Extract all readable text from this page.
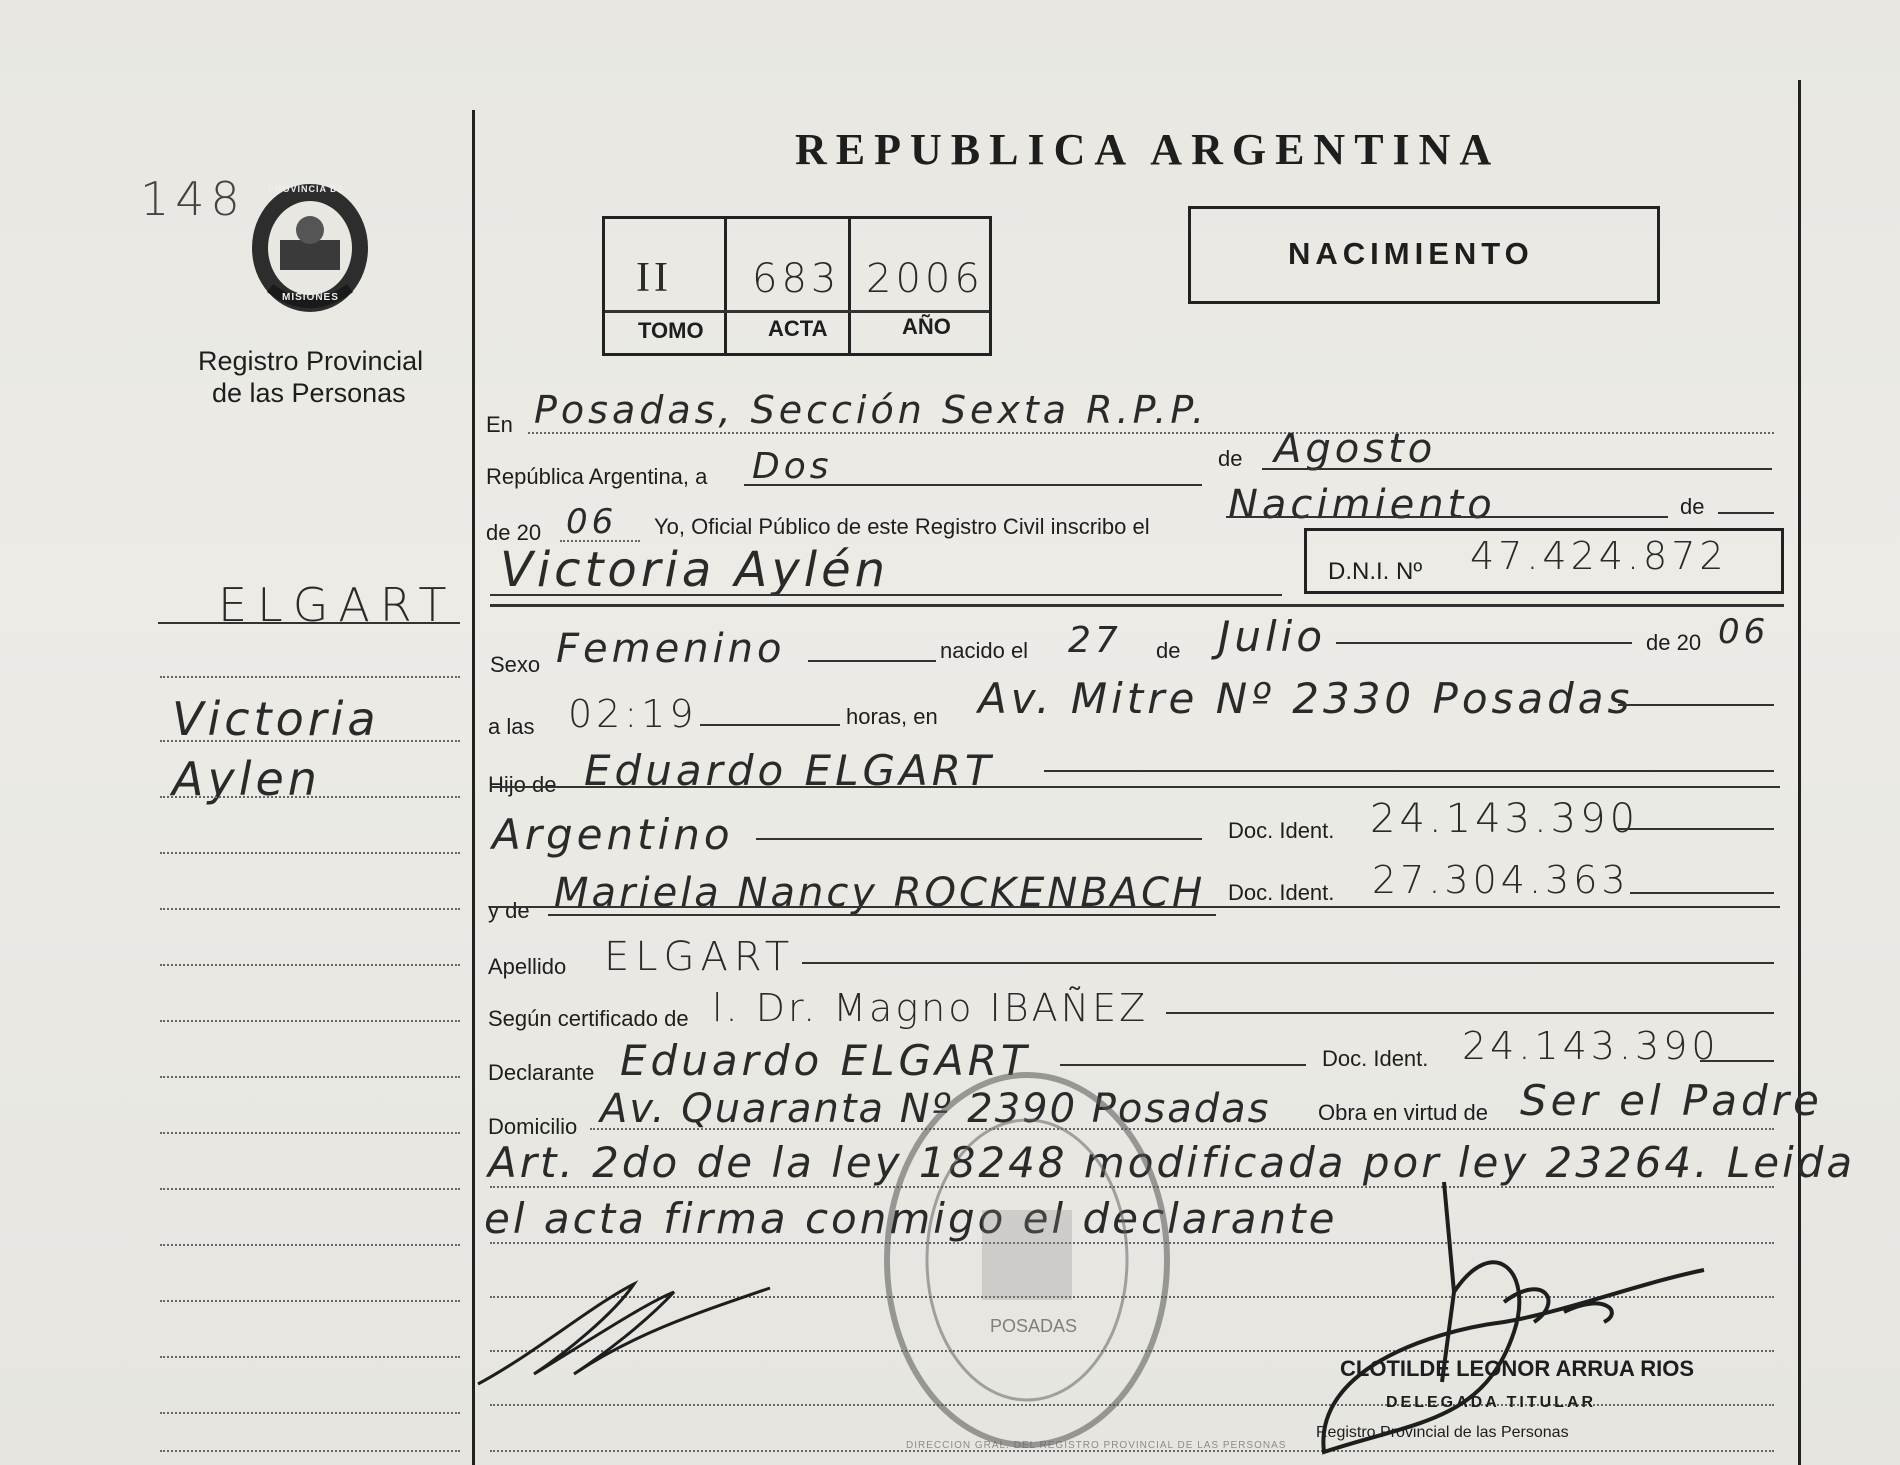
148 PROVINCIA DE
MISIONES
Registro Provincial
de las Personas
ELGART
Victoria
Aylen
REPUBLICA ARGENTINA
II 683 2006
TOMO	ACTA	AÑO
NACIMIENTO
En Posadas, Sección Sexta R.P.P.
República Argentina, a Dos	de Agosto
de 20 06 Yo, Oficial Público de este Registro Civil inscribo el Nacimiento	de
Victoria Aylén	D.N.I. Nº 47.424.872
Sexo Femenino	nacido el 27 de Julio	de 20 06
a las 02:19	horas, en Av. Mitre Nº 2330 Posadas
Hijo de Eduardo ELGART
Argentino	Doc. Ident. 24.143.390
y de Mariela Nancy ROCKENBACH Doc. Ident. 27.304.363
Apellido ELGART
Según certificado de l. Dr. Magno IBAÑEZ
Declarante Eduardo ELGART	Doc. Ident. 24.143.390
Domicilio Av. Quaranta Nº 2390 Posadas Obra en virtud de Ser el Padre
Art. 2do de la ley 18248 modificada por ley 23264. Leida
el acta firma conmigo el declarante
POSADAS
DIRECCION GRAL. DEL REGISTRO PROVINCIAL DE LAS PERSONAS
CLOTILDE LEONOR ARRUA RIOS
DELEGADA TITULAR
Registro Provincial de las Personas
